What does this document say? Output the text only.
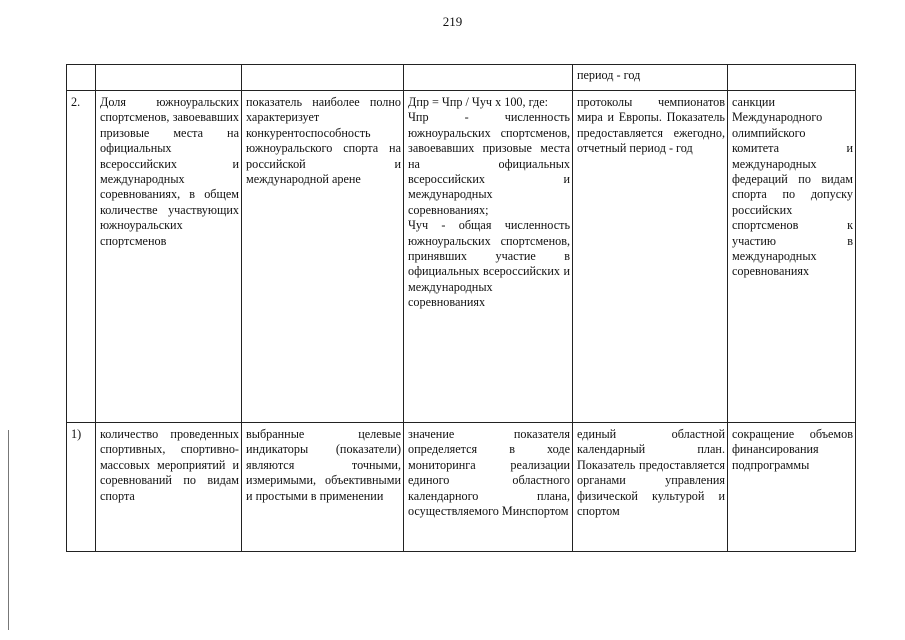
219

				период - год	

2.	Доля южноуральских спортсменов, завоевавших призовые места на официальных всероссийских и международных соревнованиях, в общем количестве участвующих южноуральских спортсменов	показатель наиболее полно характеризует конкурентоспособность южноуральского спорта на российской и международной арене	Дпр = Чпр / Чуч х 100, где:
Чпр - численность южноуральских спортсменов, завоевавших призовые места на официальных всероссийских и международных соревнованиях;
Чуч - общая численность южноуральских спортсменов, принявших участие в официальных всероссийских и международных соревнованиях	протоколы чемпионатов мира и Европы. Показатель предоставляется ежегодно, отчетный период - год	санкции Международного олимпийского комитета и международных федераций по видам спорта по допуску российских спортсменов к участию в международных соревнованиях

1)	количество проведенных спортивных, спортивно-массовых мероприятий и соревнований по видам спорта	выбранные целевые индикаторы (показатели) являются точными, измеримыми, объективными и простыми в применении	значение показателя определяется в ходе мониторинга реализации единого областного календарного плана, осуществляемого Минспортом	единый областной календарный план. Показатель предоставляется органами управления физической культурой и спортом	сокращение объемов финансирования подпрограммы
